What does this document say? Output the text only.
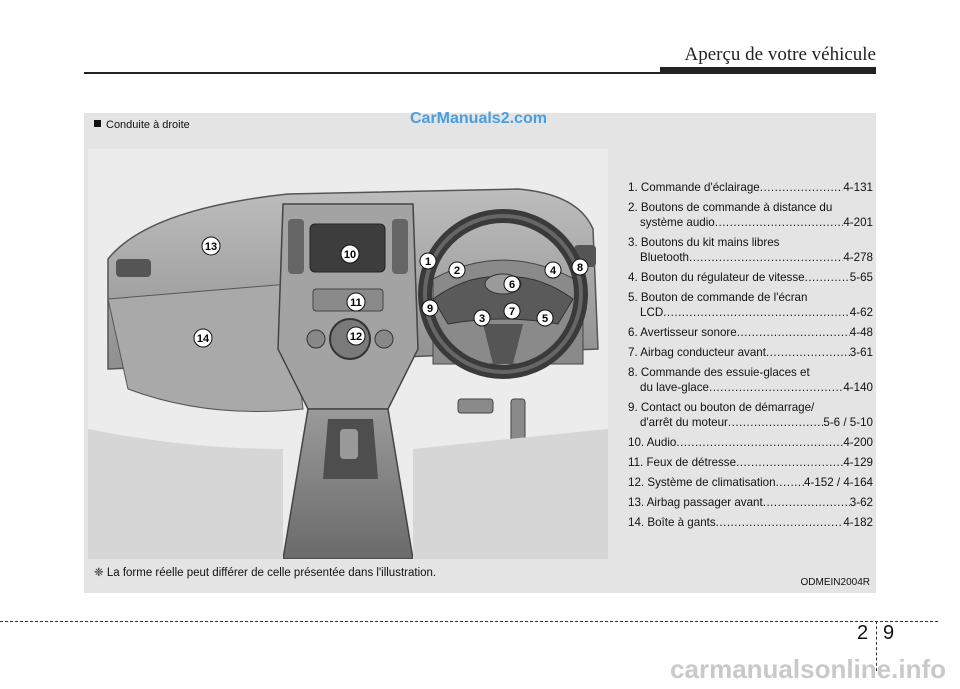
Aperçu de votre véhicule
Conduite à droite	CarManuals2.com
1
2
3
4
5
6
7
8
9
10
11
12
13
14
1. Commande d'éclairage .....	4-131
2. Boutons de commande à distance du
système audio .....	4-201
3. Boutons du kit mains libres
Bluetooth .....	4-278
4. Bouton du régulateur de vitesse .....	5-65
5. Bouton de commande de l'écran
LCD .....	4-62
6. Avertisseur sonore .....	4-48
7. Airbag conducteur avant .....	3-61
8. Commande des essuie-glaces et
du lave-glace .....	4-140
9. Contact ou bouton de démarrage/
d'arrêt du moteur .....	5-6 / 5-10
10. Audio .....	4-200
11. Feux de détresse .....	4-129
12. Système de climatisation ..... 4-152 / 4-164
13. Airbag passager avant .....	3-62
14. Boîte à gants .....	4-182
❈ La forme réelle peut différer de celle présentée dans l'illustration.
ODMEIN2004R
2 9
carmanualsonline.info
